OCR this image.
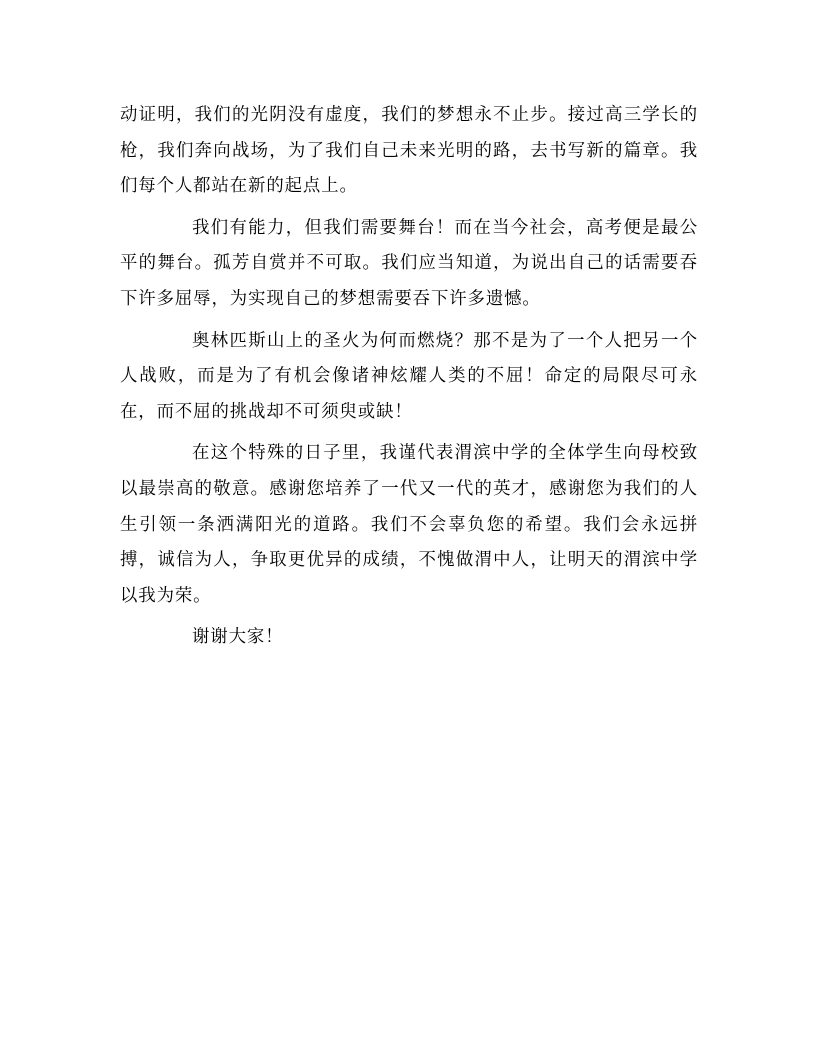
动证明，我们的光阴没有虚度，我们的梦想永不止步。接过高三学长的枪，我们奔向战场，为了我们自己未来光明的路，去书写新的篇章。我们每个人都站在新的起点上。

我们有能力，但我们需要舞台！而在当今社会，高考便是最公平的舞台。孤芳自赏并不可取。我们应当知道，为说出自己的话需要吞下许多屈辱，为实现自己的梦想需要吞下许多遗憾。

奥林匹斯山上的圣火为何而燃烧？那不是为了一个人把另一个人战败，而是为了有机会像诸神炫耀人类的不屈！命定的局限尽可永在，而不屈的挑战却不可须臾或缺！

在这个特殊的日子里，我谨代表渭滨中学的全体学生向母校致以最崇高的敬意。感谢您培养了一代又一代的英才，感谢您为我们的人生引领一条洒满阳光的道路。我们不会辜负您的希望。我们会永远拼搏，诚信为人，争取更优异的成绩，不愧做渭中人，让明天的渭滨中学以我为荣。

谢谢大家！
